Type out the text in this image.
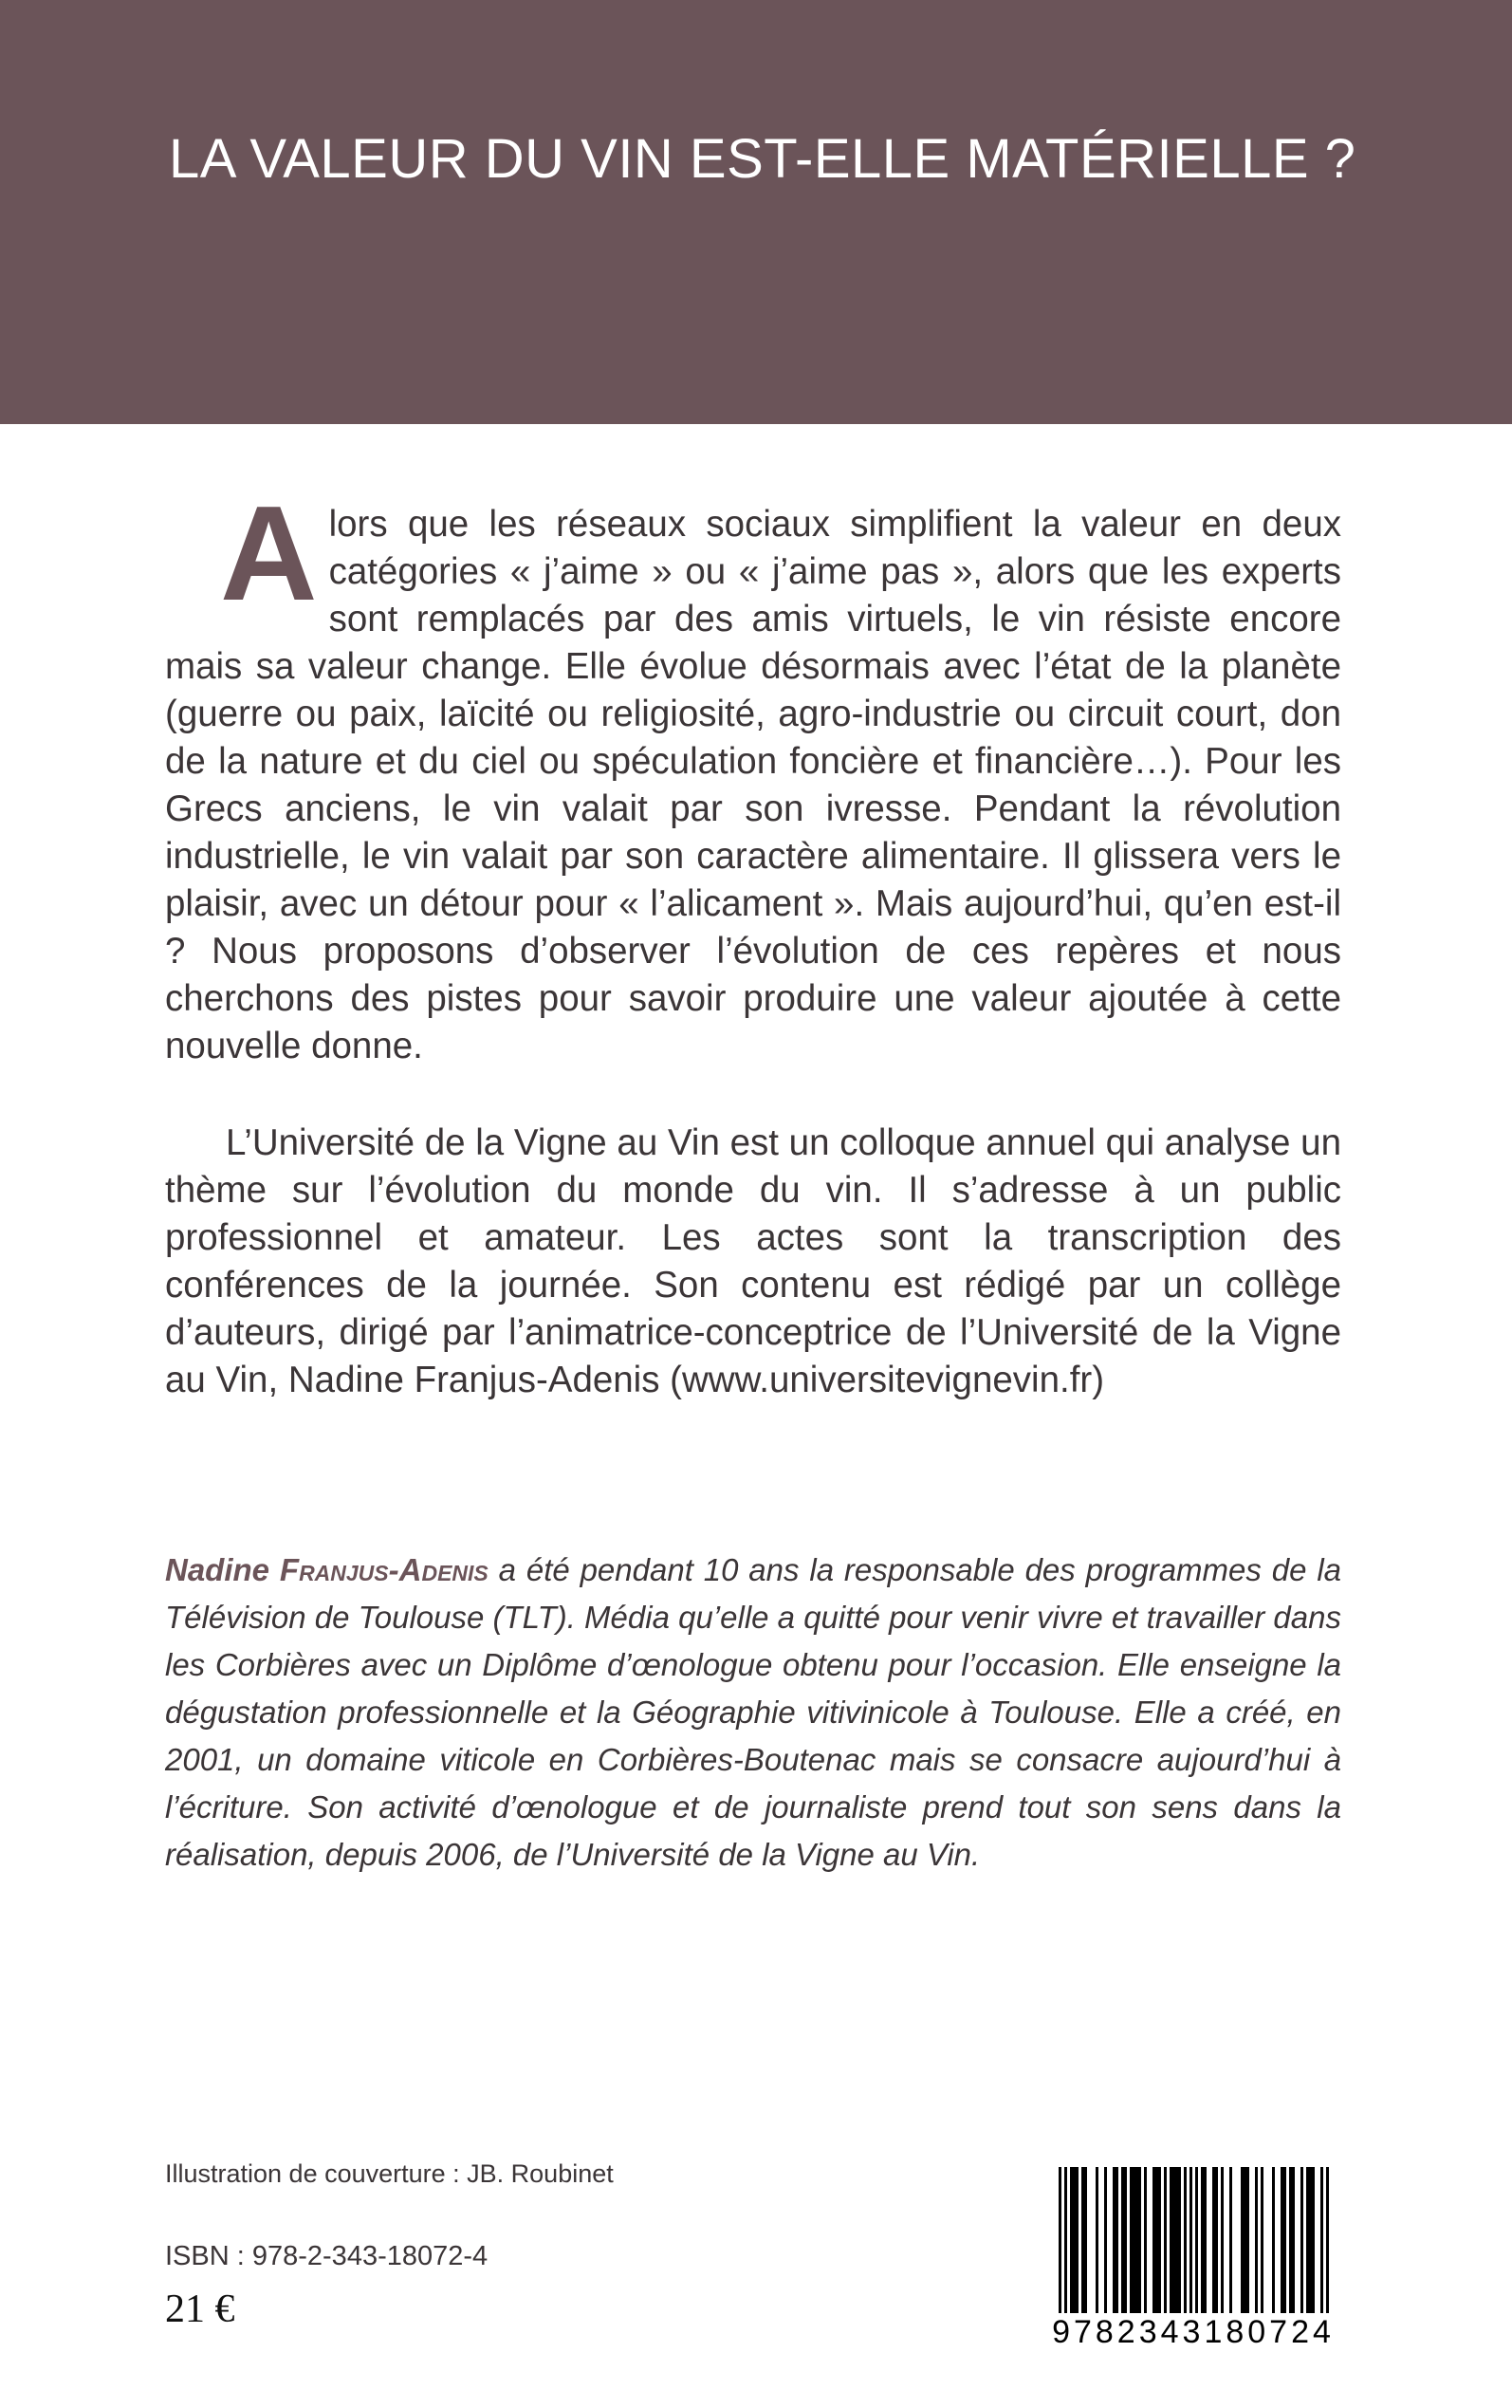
LA VALEUR DU VIN EST-ELLE MATÉRIELLE ?
Alors que les réseaux sociaux simplifient la valeur en deux catégories « j’aime » ou « j’aime pas », alors que les experts sont remplacés par des amis virtuels, le vin résiste encore mais sa valeur change. Elle évolue désormais avec l’état de la planète (guerre ou paix, laïcité ou religiosité, agro-industrie ou circuit court, don de la nature et du ciel ou spéculation foncière et financière…). Pour les Grecs anciens, le vin valait par son ivresse. Pendant la révolution industrielle, le vin valait par son caractère alimentaire. Il glissera vers le plaisir, avec un détour pour « l’alicament ». Mais aujourd’hui, qu’en est-il ? Nous proposons d’observer l’évolution de ces repères et nous cherchons des pistes pour savoir produire une valeur ajoutée à cette nouvelle donne.
L’Université de la Vigne au Vin est un colloque annuel qui analyse un thème sur l’évolution du monde du vin. Il s’adresse à un public professionnel et amateur. Les actes sont la transcription des conférences de la journée. Son contenu est rédigé par un collège d’auteurs, dirigé par l’animatrice-conceptrice de l’Université de la Vigne au Vin, Nadine Franjus-Adenis (www.universitevignevin.fr)
Nadine Franjus-Adenis a été pendant 10 ans la responsable des programmes de la Télévision de Toulouse (TLT). Média qu’elle a quitté pour venir vivre et travailler dans les Corbières avec un Diplôme d’œnologue obtenu pour l’occasion. Elle enseigne la dégustation professionnelle et la Géographie vitivinicole à Toulouse. Elle a créé, en 2001, un domaine viticole en Corbières-Boutenac mais se consacre aujourd’hui à l’écriture. Son activité d’œnologue et de journaliste prend tout son sens dans la réalisation, depuis 2006, de l’Université de la Vigne au Vin.
Illustration de couverture : JB. Roubinet
ISBN : 978-2-343-18072-4
21 €
9782343180724
